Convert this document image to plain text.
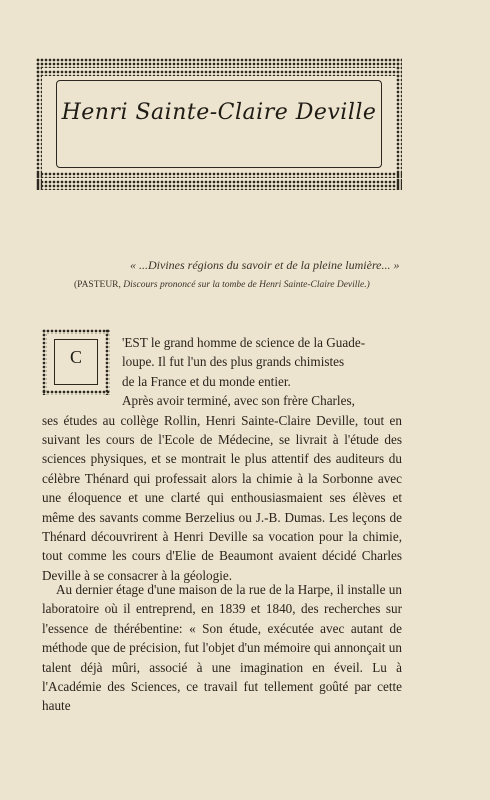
Henri Sainte-Claire Deville
« ...Divines régions du savoir et de la pleine lumière... »
(PASTEUR, Discours prononcé sur la tombe de Henri Sainte-Claire Deville.)
C
'EST le grand homme de science de la Guade-
loupe. Il fut l'un des plus grands chimistes
de la France et du monde entier.
Après avoir terminé, avec son frère Charles,
ses études au collège Rollin, Henri Sainte-Claire Deville, tout en suivant les cours de l'Ecole de Médecine, se livrait à l'étude des sciences physiques, et se montrait le plus attentif des auditeurs du célèbre Thénard qui professait alors la chimie à la Sorbonne avec une éloquence et une clarté qui enthousiasmaient ses élèves et même des savants comme Berzelius ou J.-B. Dumas. Les leçons de Thénard découvrirent à Henri Deville sa vocation pour la chimie, tout comme les cours d'Elie de Beaumont avaient décidé Charles Deville à se consacrer à la géologie.
Au dernier étage d'une maison de la rue de la Harpe, il installe un laboratoire où il entreprend, en 1839 et 1840, des recherches sur l'essence de thérébentine: « Son étude, exécutée avec autant de méthode que de précision, fut l'objet d'un mémoire qui annonçait un talent déjà mûri, associé à une imagination en éveil. Lu à l'Académie des Sciences, ce travail fut tellement goûté par cette haute
